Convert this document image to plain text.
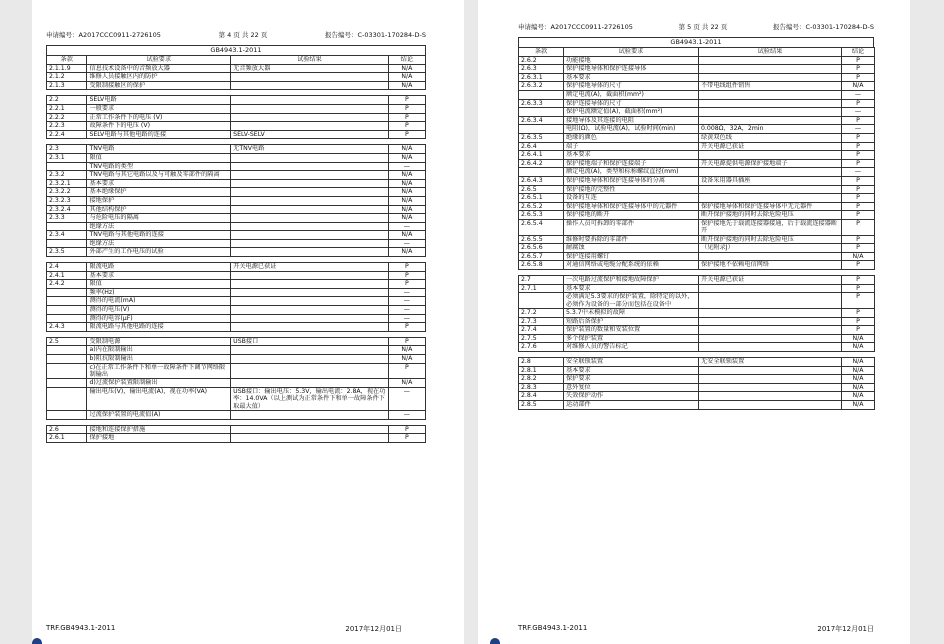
申请编号：A2017CCC0911-2726105	第 4 页 共 22 页	报告编号：C-03301-170284-D-S
GB4943.1-2011
条款	试验要求	试验结果	结论
2.1.1.9	信息技术设备中的音频放大器	无音频放大器	N/A
2.1.2	维修人员接触区内的防护		N/A
2.1.3	受限制接触区的保护		N/A

2.2	SELV电路		P
2.2.1	一般要求		P
2.2.2	正常工作条件下的电压 (V)		P
2.2.3	故障条件下的电压 (V)		P
2.2.4	SELV电路与其他电路的连接	SELV-SELV	P

2.3	TNV电路	无TNV电路	N/A
2.3.1	限值		N/A
	TNV电路的类型		—
2.3.2	TNV电路与其它电路以及与可触及零部件的隔离		N/A
2.3.2.1	基本要求		N/A
2.3.2.2	基本绝缘保护		N/A
2.3.2.3	接地保护		N/A
2.3.2.4	其他结构保护		N/A
2.3.3	与危险电压的隔离		N/A
	绝缘方法		—
2.3.4	TNV电路与其他电路的连接		N/A
	绝缘方法		—
2.3.5	外部产生的工作电压的试验		N/A

2.4	限流电路	开关电源已获证	P
2.4.1	基本要求		P
2.4.2	限值		P
	频率(Hz)		—
	测得的电流(mA)		—
	测得的电压(V)		—
	测得的电容(μF)		—
2.4.3	限流电路与其他电路的连接		P

2.5	受限制电源	USB接口	P
	a)内在限制输出		N/A
	b)阻抗限制输出		N/A
	c)在正常工作条件下和单一故障条件下调节网络限制输出		P
	d)过流保护装置限制输出		N/A
	输出电压(V)，输出电流(A)，视在功率(VA)	USB接口：输出电压：5.3V，输出电流：2.8A，视在功率：14.0VA（以上测试为正常条件下和单一故障条件下取最大值）	—
	过流保护装置的电流值(A)		—

2.6	接地和连接保护措施		P
2.6.1	保护接地		P
TRF.GB4943.1-2011	2017年12月01日
申请编号：A2017CCC0911-2726105	第 5 页 共 22 页	报告编号：C-03301-170284-D-S
GB4943.1-2011
条款	试验要求	试验结果	结论
2.6.2	功能接地		P
2.6.3	保护接地导体和保护连接导体		P
2.6.3.1	基本要求		P
2.6.3.2	保护接地导体的尺寸	不带电线组件销售	N/A
	额定电流(A)，截面积(mm²)		—
2.6.3.3	保护连接导体的尺寸		P
	保护电流额定值(A)，截面积(mm²)		—
2.6.3.4	接地导体及其连接的电阻		P
	电阻(Ω)，试验电流(A)，试验时间(min)	0.008Ω，32A，2min	—
2.6.3.5	绝缘的颜色	绿黄双色线	P
2.6.4	端子	开关电源已获证	P
2.6.4.1	基本要求		P
2.6.4.2	保护接地端子和保护连接端子	开关电源提供电源保护接地端子	P
	额定电流(A)，类型和标称螺纹直径(mm)		—
2.6.4.3	保护接地导体和保护连接导体的分离	设备采用器具插座	P
2.6.5	保护接地的完整性		P
2.6.5.1	设备的互连		P
2.6.5.2	保护接地导体和保护连接导体中的元器件	保护接地导体和保护连接导体中无元器件	P
2.6.5.3	保护接地的断开	断开保护接地的同时去除危险电压	P
2.6.5.4	操作人员可拆卸的零部件	保护接地先于载流连接器接通，后于载流连接器断开	P
2.6.5.5	维修时要拆除的零部件	断开保护接地的同时去除危险电压	P
2.6.5.6	耐腐蚀	（见附录J）	P
2.6.5.7	保护连接用螺钉		N/A
2.6.5.8	对通信网络或电缆分配系统的依赖	保护接地不依赖电信网络	P

2.7	一次电路过流保护和接地故障保护	开关电源已获证	P
2.7.1	基本要求		P
	必须满足5.3要求的保护装置，除特定的以外，必须作为设备的一部分而包括在设备中		P
2.7.2	5.3.7中未模拟的故障		P
2.7.3	短路后备保护		P
2.7.4	保护装置的数量和安装位置		P
2.7.5	多个保护装置		N/A
2.7.6	对维修人员的警告标记		N/A

2.8	安全联锁装置	无安全联锁装置	N/A
2.8.1	基本要求		N/A
2.8.2	保护要求		N/A
2.8.3	意外复位		N/A
2.8.4	失效保护动作		N/A
2.8.5	运动部件		N/A
TRF.GB4943.1-2011	2017年12月01日
